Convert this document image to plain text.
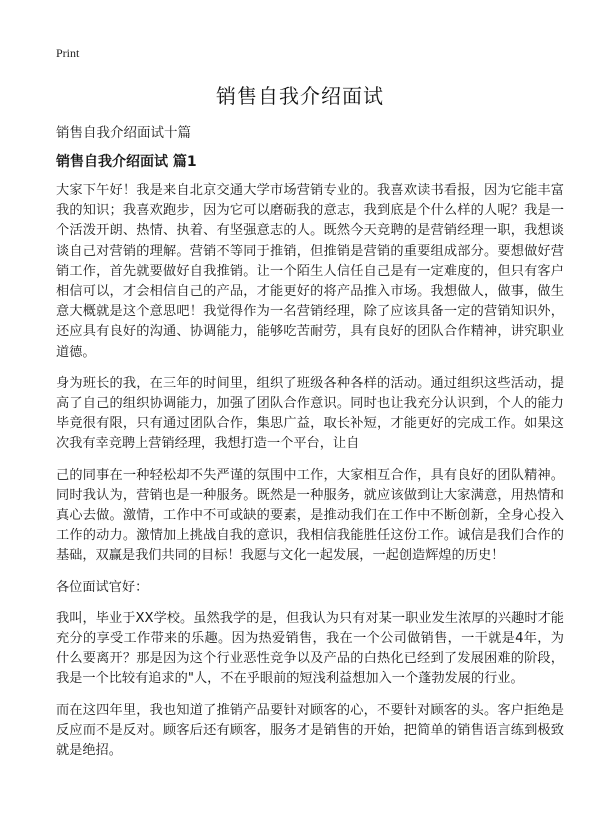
Print
销售自我介绍面试

销售自我介绍面试十篇

销售自我介绍面试 篇1

大家下午好！我是来自北京交通大学市场营销专业的。我喜欢读书看报，因为它能丰富我的知识；我喜欢跑步，因为它可以磨砺我的意志，我到底是个什么样的人呢？我是一个活泼开朗、热情、执着、有坚强意志的人。既然今天竞聘的是营销经理一职，我想谈谈自己对营销的理解。营销不等同于推销，但推销是营销的重要组成部分。要想做好营销工作，首先就要做好自我推销。让一个陌生人信任自己是有一定难度的，但只有客户相信可以，才会相信自己的产品，才能更好的将产品推入市场。我想做人，做事，做生意大概就是这个意思吧！我觉得作为一名营销经理，除了应该具备一定的营销知识外，还应具有良好的沟通、协调能力，能够吃苦耐劳，具有良好的团队合作精神，讲究职业道德。

身为班长的我，在三年的时间里，组织了班级各种各样的活动。通过组织这些活动，提高了自己的组织协调能力，加强了团队合作意识。同时也让我充分认识到，个人的能力毕竟很有限，只有通过团队合作，集思广益，取长补短，才能更好的完成工作。如果这次我有幸竞聘上营销经理，我想打造一个平台，让自

己的同事在一种轻松却不失严谨的氛围中工作，大家相互合作，具有良好的团队精神。同时我认为，营销也是一种服务。既然是一种服务，就应该做到让大家满意，用热情和真心去做。激情，工作中不可或缺的要素，是推动我们在工作中不断创新，全身心投入工作的动力。激情加上挑战自我的意识，我相信我能胜任这份工作。诚信是我们合作的基础，双赢是我们共同的目标！我愿与文化一起发展，一起创造辉煌的历史！

各位面试官好：

我叫，毕业于XX学校。虽然我学的是，但我认为只有对某一职业发生浓厚的兴趣时才能充分的享受工作带来的乐趣。因为热爱销售，我在一个公司做销售，一干就是4年，为什么要离开？那是因为这个行业恶性竞争以及产品的白热化已经到了发展困难的阶段，我是一个比较有追求的"人，不在乎眼前的短浅利益想加入一个蓬勃发展的行业。

而在这四年里，我也知道了推销产品要针对顾客的心，不要针对顾客的头。客户拒绝是反应而不是反对。顾客后还有顾客，服务才是销售的开始，把简单的销售语言练到极致就是绝招。
